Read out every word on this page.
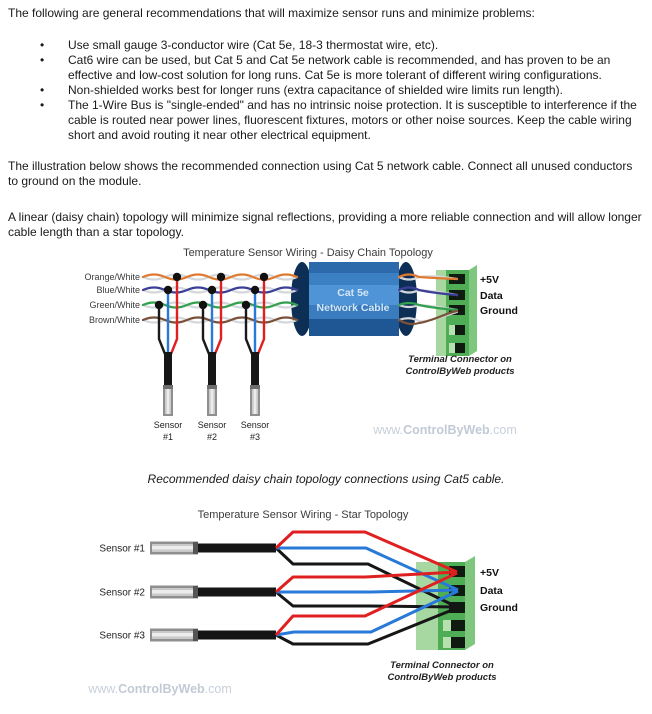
The following are general recommendations that will maximize sensor runs and minimize problems:

• Use small gauge 3-conductor wire (Cat 5e, 18-3 thermostat wire, etc).
• Cat6 wire can be used, but Cat 5 and Cat 5e network cable is recommended, and has proven to be an effective and low-cost solution for long runs. Cat 5e is more tolerant of different wiring configurations.
• Non-shielded works best for longer runs (extra capacitance of shielded wire limits run length).
• The 1-Wire Bus is "single-ended" and has no intrinsic noise protection. It is susceptible to interference if the cable is routed near power lines, fluorescent fixtures, motors or other noise sources. Keep the cable wiring short and avoid routing it near other electrical equipment.

The illustration below shows the recommended connection using Cat 5 network cable. Connect all unused conductors to ground on the module.

A linear (daisy chain) topology will minimize signal reflections, providing a more reliable connection and will allow longer cable length than a star topology.

Temperature Sensor Wiring - Daisy Chain Topology
Orange/White
Blue/White
Green/White
Brown/White
Sensor
#1
Sensor
#2
Sensor
#3
Cat 5e
Network Cable
+5V
Data
Ground
Terminal Connector on
ControlByWeb products
www.ControlByWeb.com
Recommended daisy chain topology connections using Cat5 cable.
Temperature Sensor Wiring - Star Topology
Sensor #1
Sensor #2
Sensor #3
+5V
Data
Ground
Terminal Connector on
ControlByWeb products
www.ControlByWeb.com
